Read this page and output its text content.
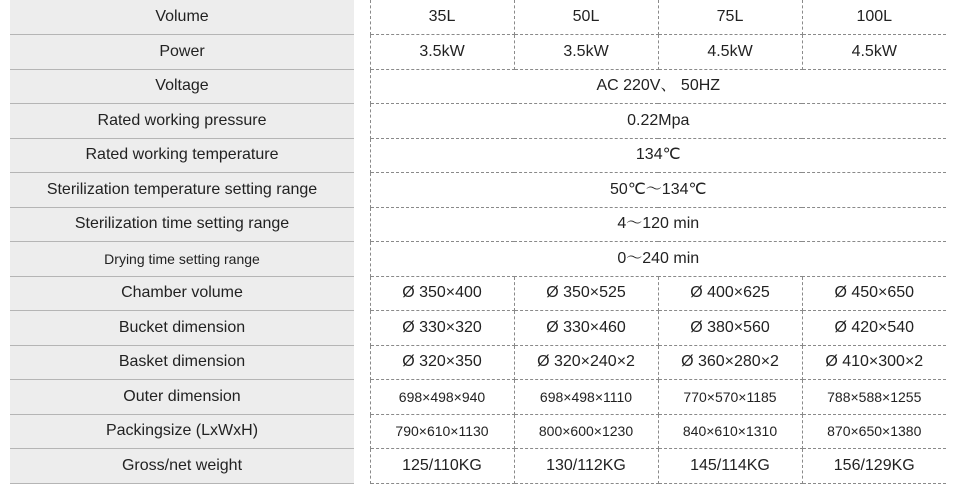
Volume		35L	50L	75L	100L
Power		3.5kW	3.5kW	4.5kW	4.5kW
Voltage		AC 220V、 50HZ			
Rated working pressure		0.22Mpa			
Rated working temperature		134℃			
Sterilization temperature setting range		50℃～134℃			
Sterilization time setting range		4～120 min			
Drying time setting range		0～240 min			
Chamber volume		Ø 350×400	Ø 350×525	Ø 400×625	Ø 450×650
Bucket dimension		Ø 330×320	Ø 330×460	Ø 380×560	Ø 420×540
Basket dimension		Ø 320×350	Ø 320×240×2	Ø 360×280×2	Ø 410×300×2
Outer dimension		698×498×940	698×498×1110	770×570×1185	788×588×1255
Packingsize (LxWxH)		790×610×1130	800×600×1230	840×610×1310	870×650×1380
Gross/net weight		125/110KG	130/112KG	145/114KG	156/129KG
